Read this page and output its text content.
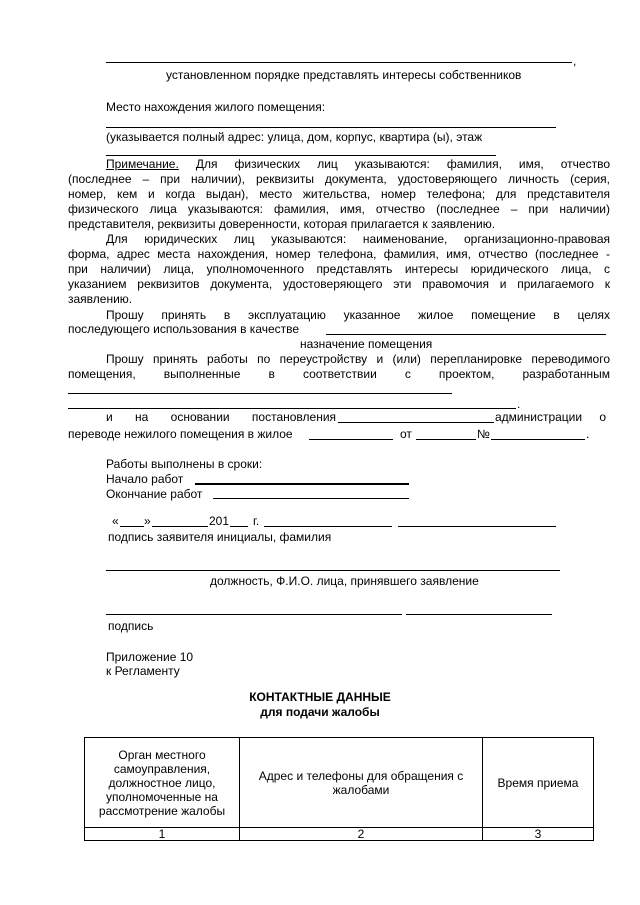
,
установленном порядке представлять интересы собственников
Место нахождения жилого помещения:
(указывается полный адрес: улица, дом, корпус, квартира (ы), этаж
Примечание. Для физических лиц указываются: фамилия, имя, отчество
(последнее – при наличии), реквизиты документа, удостоверяющего личность (серия,
номер, кем и когда выдан), место жительства, номер телефона; для представителя
физического лица указываются: фамилия, имя, отчество (последнее – при наличии)
представителя, реквизиты доверенности, которая прилагается к заявлению.
Для юридических лиц указываются: наименование, организационно-правовая
форма, адрес места нахождения, номер телефона, фамилия, имя, отчество (последнее -
при наличии) лица, уполномоченного представлять интересы юридического лица, с
указанием реквизитов документа, удостоверяющего эти правомочия и прилагаемого к
заявлению.
Прошу принять в эксплуатацию указанное жилое помещение в целях
последующего использования в качестве
назначение помещения
Прошу принять работы по переустройству и (или) перепланировке переводимого
помещения, выполненные в соответствии с проектом, разработанным
.
и на основании постановления	администрации о
переводе нежилого помещения в жилое	от	№	.
Работы выполнены в сроки:
Начало работ
Окончание работ
« »	201 г.
подпись заявителя инициалы, фамилия
должность, Ф.И.О. лица, принявшего заявление
подпись
Приложение 10
к Регламенту
КОНТАКТНЫЕ ДАННЫЕ
для подачи жалобы
Орган местного самоуправления, должностное лицо, уполномоченные на рассмотрение жалобы	Адрес и телефоны для обращения с жалобами	Время приема
1	2	3
